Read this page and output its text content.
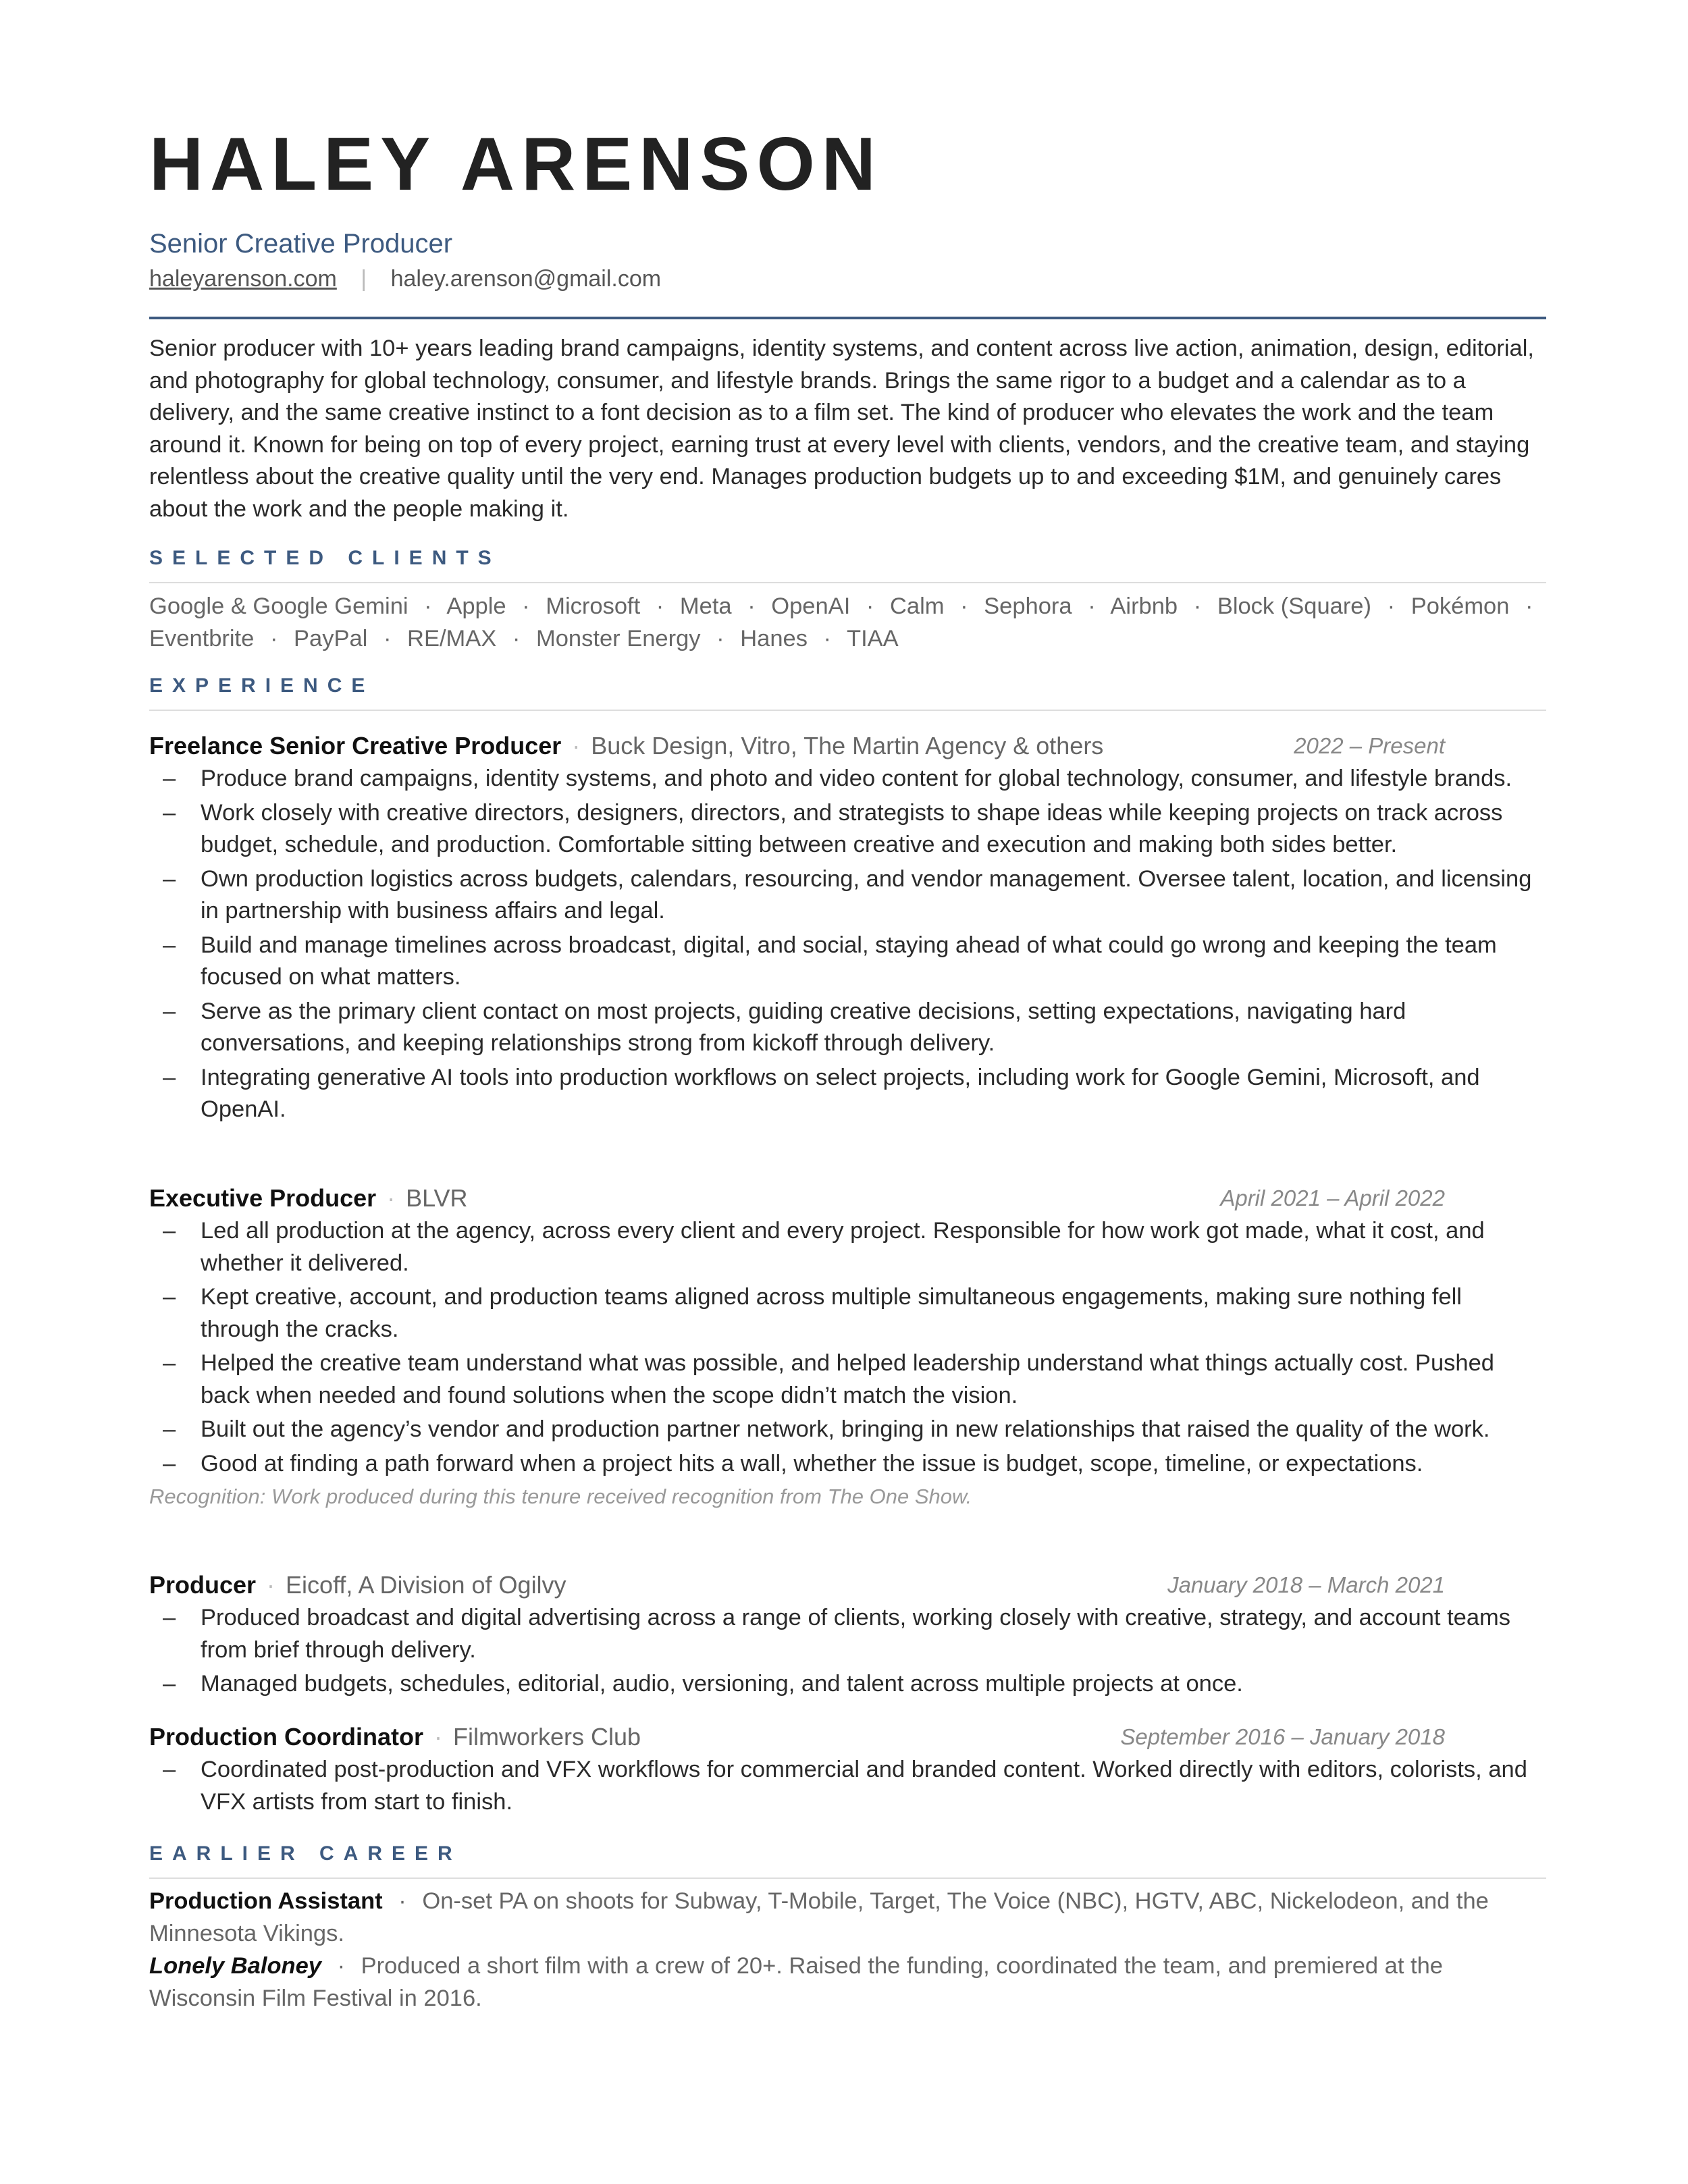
HALEY ARENSON
Senior Creative Producer
haleyarenson.com | haley.arenson@gmail.com
Senior producer with 10+ years leading brand campaigns, identity systems, and content across live action, animation, design, editorial, and photography for global technology, consumer, and lifestyle brands. Brings the same rigor to a budget and a calendar as to a delivery, and the same creative instinct to a font decision as to a film set. The kind of producer who elevates the work and the team around it. Known for being on top of every project, earning trust at every level with clients, vendors, and the creative team, and staying relentless about the creative quality until the very end. Manages production budgets up to and exceeding $1M, and genuinely cares about the work and the people making it.
SELECTED CLIENTS
Google & Google Gemini · Apple · Microsoft · Meta · OpenAI · Calm · Sephora · Airbnb · Block (Square) · Pokémon · Eventbrite · PayPal · RE/MAX · Monster Energy · Hanes · TIAA
EXPERIENCE
Freelance Senior Creative Producer · Buck Design, Vitro, The Martin Agency & others	2022 – Present
– Produce brand campaigns, identity systems, and photo and video content for global technology, consumer, and lifestyle brands.
– Work closely with creative directors, designers, directors, and strategists to shape ideas while keeping projects on track across budget, schedule, and production. Comfortable sitting between creative and execution and making both sides better.
– Own production logistics across budgets, calendars, resourcing, and vendor management. Oversee talent, location, and licensing in partnership with business affairs and legal.
– Build and manage timelines across broadcast, digital, and social, staying ahead of what could go wrong and keeping the team focused on what matters.
– Serve as the primary client contact on most projects, guiding creative decisions, setting expectations, navigating hard conversations, and keeping relationships strong from kickoff through delivery.
– Integrating generative AI tools into production workflows on select projects, including work for Google Gemini, Microsoft, and OpenAI.
Executive Producer · BLVR	April 2021 – April 2022
– Led all production at the agency, across every client and every project. Responsible for how work got made, what it cost, and whether it delivered.
– Kept creative, account, and production teams aligned across multiple simultaneous engagements, making sure nothing fell through the cracks.
– Helped the creative team understand what was possible, and helped leadership understand what things actually cost. Pushed back when needed and found solutions when the scope didn’t match the vision.
– Built out the agency’s vendor and production partner network, bringing in new relationships that raised the quality of the work.
– Good at finding a path forward when a project hits a wall, whether the issue is budget, scope, timeline, or expectations.
Recognition: Work produced during this tenure received recognition from The One Show.
Producer · Eicoff, A Division of Ogilvy	January 2018 – March 2021
– Produced broadcast and digital advertising across a range of clients, working closely with creative, strategy, and account teams from brief through delivery.
– Managed budgets, schedules, editorial, audio, versioning, and talent across multiple projects at once.
Production Coordinator · Filmworkers Club	September 2016 – January 2018
– Coordinated post-production and VFX workflows for commercial and branded content. Worked directly with editors, colorists, and VFX artists from start to finish.
EARLIER CAREER
Production Assistant · On-set PA on shoots for Subway, T-Mobile, Target, The Voice (NBC), HGTV, ABC, Nickelodeon, and the Minnesota Vikings.
Lonely Baloney · Produced a short film with a crew of 20+. Raised the funding, coordinated the team, and premiered at the Wisconsin Film Festival in 2016.
